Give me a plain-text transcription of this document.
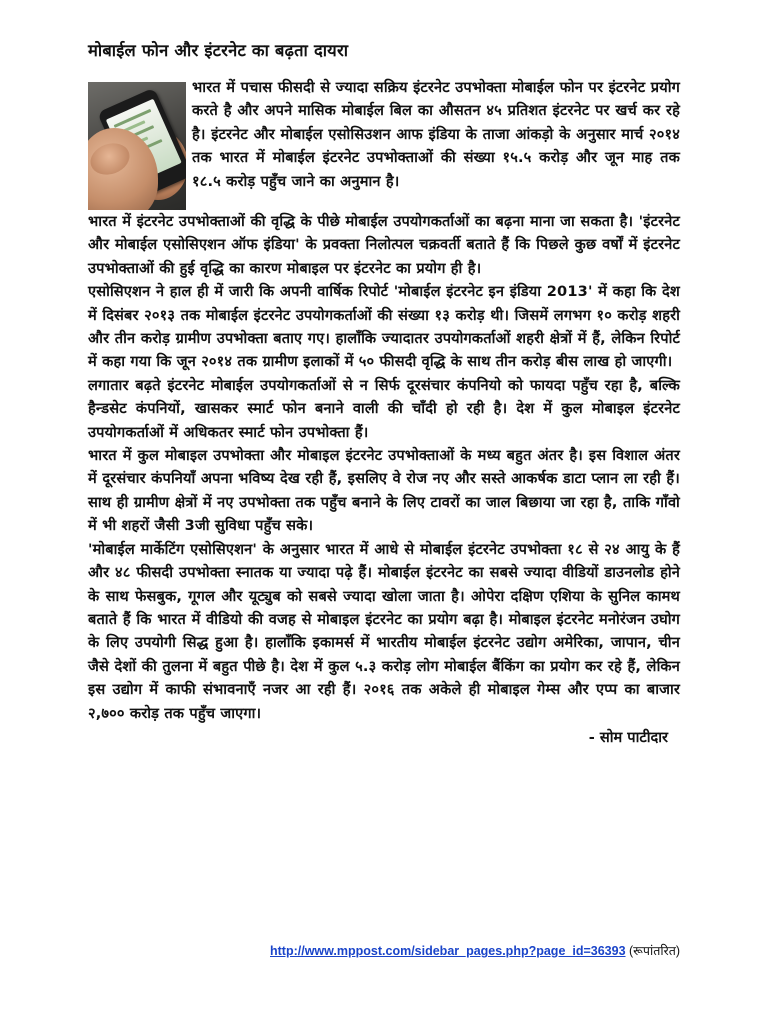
मोबाईल फोन और इंटरनेट का बढ़ता दायरा

भारत में पचास फीसदी से ज्यादा सक्रिय इंटरनेट उपभोक्ता मोबाईल फोन पर इंटरनेट प्रयोग करते है और अपने मासिक मोबाईल बिल का औसतन ४५ प्रतिशत इंटरनेट पर खर्च कर रहे है। इंटरनेट और मोबाईल एसोसिउशन आफ इंडिया के ताजा आंकड़ो के अनुसार मार्च २०१४ तक भारत में मोबाईल इंटरनेट उपभोक्ताओं की संख्या १५.५ करोड़ और जून माह तक १८.५ करोड़ पहुँच जाने का अनुमान है।

भारत में इंटरनेट उपभोक्ताओं की वृद्धि के पीछे मोबाईल उपयोगकर्ताओं का बढ़ना माना जा सकता है। 'इंटरनेट और मोबाईल एसोसिएशन ऑफ इंडिया' के प्रवक्ता निलोत्पल चक्रवर्ती बताते हैं कि पिछले कुछ वर्षों में इंटरनेट उपभोक्ताओं की हुई वृद्धि का कारण मोबाइल पर इंटरनेट का प्रयोग ही है।

एसोसिएशन ने हाल ही में जारी कि अपनी वार्षिक रिपोर्ट 'मोबाईल इंटरनेट इन इंडिया 2013' में कहा कि देश में दिसंबर २०१३ तक मोबाईल इंटरनेट उपयोगकर्ताओं की संख्या १३ करोड़ थी। जिसमें लगभग १० करोड़ शहरी और तीन करोड़ ग्रामीण उपभोक्ता बताए गए। हालाँकि ज्यादातर उपयोगकर्ताओं शहरी क्षेत्रों में हैं, लेकिन रिपोर्ट में कहा गया कि जून २०१४ तक ग्रामीण इलाकों में ५० फीसदी वृद्धि के साथ तीन करोड़ बीस लाख हो जाएगी।

लगातार बढ़ते इंटरनेट मोबाईल उपयोगकर्ताओं से न सिर्फ दूरसंचार कंपनियो को फायदा पहुँच रहा है, बल्कि हैन्डसेट कंपनियों, खासकर स्मार्ट फोन बनाने वाली की चाँदी हो रही है। देश में कुल मोबाइल इंटरनेट उपयोगकर्ताओं में अधिकतर स्मार्ट फोन उपभोक्ता हैं।

भारत में कुल मोबाइल उपभोक्ता और मोबाइल इंटरनेट उपभोक्ताओं के मध्य बहुत अंतर है। इस विशाल अंतर में दूरसंचार कंपनियाँ अपना भविष्य देख रही हैं, इसलिए वे रोज नए और सस्ते आकर्षक डाटा प्लान ला रही हैं। साथ ही ग्रामीण क्षेत्रों में नए उपभोक्ता तक पहुँच बनाने के लिए टावरों का जाल बिछाया जा रहा है, ताकि गाँवो में भी शहरों जैसी 3जी सुविधा पहुँच सके।

'मोबाईल मार्केटिंग एसोसिएशन' के अनुसार भारत में आधे से मोबाईल इंटरनेट उपभोक्ता १८ से २४ आयु के हैं और ४८ फीसदी उपभोक्ता स्नातक या ज्यादा पढ़े हैं। मोबाईल इंटरनेट का सबसे ज्यादा वीडियों डाउनलोड होने के साथ फेसबुक, गूगल और यूट्युब को सबसे ज्यादा खोला जाता है। ओपेरा दक्षिण एशिया के सुनिल कामथ बताते हैं कि भारत में वीडियो की वजह से मोबाइल इंटरनेट का प्रयोग बढ़ा है। मोबाइल इंटरनेट मनोरंजन उघोग के लिए उपयोगी सिद्ध हुआ है। हालाँकि इकामर्स में भारतीय मोबाईल इंटरनेट उद्योग अमेरिका, जापान, चीन जैसे देशों की तुलना में बहुत पीछे है। देश में कुल ५.३ करोड़ लोग मोबाईल बैंकिंग का प्रयोग कर रहे हैं, लेकिन इस उद्योग में काफी संभावनाएँ नजर आ रही हैं। २०१६ तक अकेले ही मोबाइल गेम्स और एप्प का बाजार २,७०० करोड़ तक पहुँच जाएगा।

- सोम पाटीदार

http://www.mppost.com/sidebar_pages.php?page_id=36393 (रूपांतरित)
